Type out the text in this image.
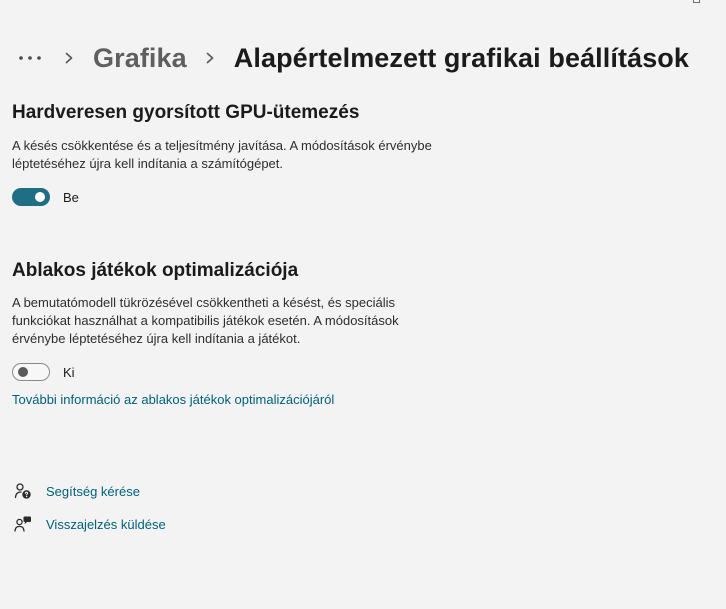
Grafika Alapértelmezett grafikai beállítások
Hardveresen gyorsított GPU-ütemezés

A késés csökkentése és a teljesítmény javítása. A módosítások érvénybe

léptetéséhez újra kell indítania a számítógépet.

Be
Ablakos játékok optimalizációja

A bemutatómodell tükrözésével csökkentheti a késést, és speciális

funkciókat használhat a kompatibilis játékok esetén. A módosítások

érvénybe léptetéséhez újra kell indítania a játékot.

Ki
További információ az ablakos játékok optimalizációjáról
Segítség kérése
Visszajelzés küldése
